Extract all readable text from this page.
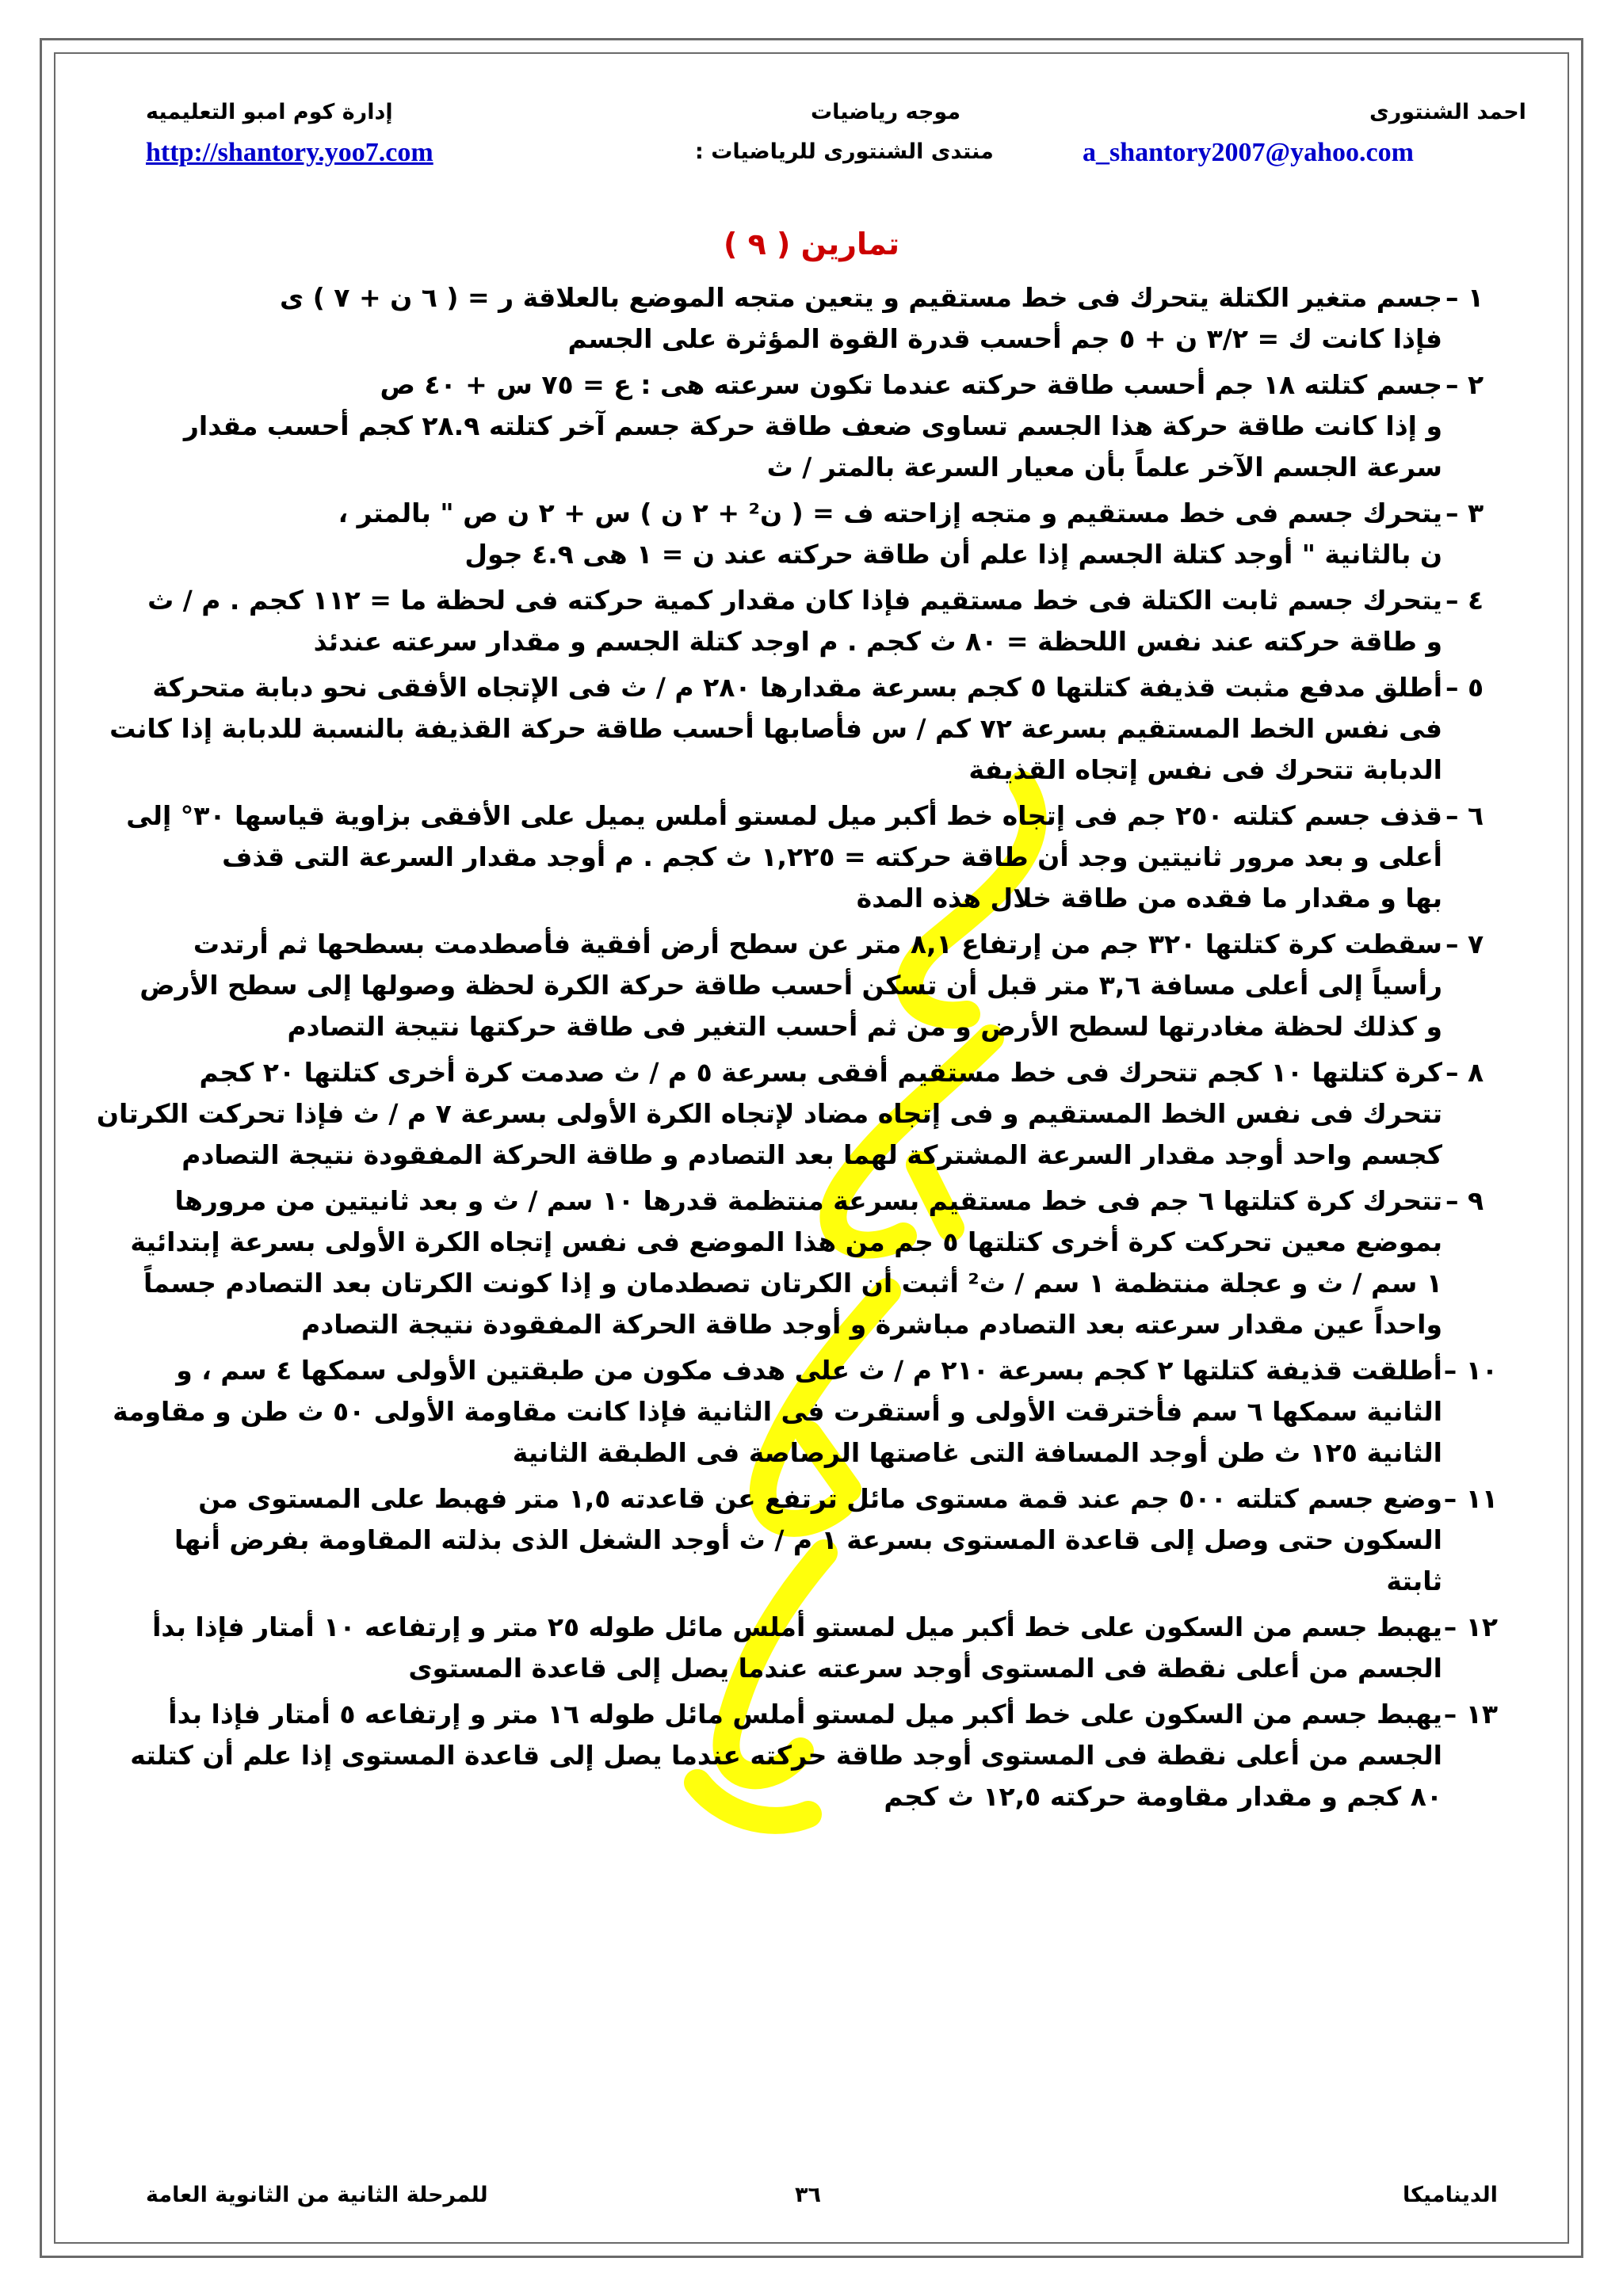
احمد الشنتورى
موجه رياضيات
إدارة كوم امبو التعليميه
a_shantory2007@yahoo.com
منتدى الشنتورى للرياضيات :
http://shantory.yoo7.com
تمارين ( ٩ )
١ –
جسم متغير الكتلة يتحرك فى خط مستقيم و يتعين متجه الموضع بالعلاقة ر = ( ٦ ن + ٧ ) ى
فإذا كانت ك = ٣/٢ ن + ٥ جم أحسب قدرة القوة المؤثرة على الجسم
٢ –
جسم كتلته ١٨ جم أحسب طاقة حركته عندما تكون سرعته هى : ع = ٧٥ س + ٤٠ ص
و إذا كانت طاقة حركة هذا الجسم تساوى ضعف طاقة حركة جسم آخر كتلته ٢٨.٩ كجم أحسب مقدار
سرعة الجسم الآخر علماً بأن معيار السرعة بالمتر / ث
٣ –
يتحرك جسم فى خط مستقيم و متجه إزاحته ف = ( ن² + ٢ ن ) س + ٢ ن ص " بالمتر ،
ن بالثانية " أوجد كتلة الجسم إذا علم أن طاقة حركته عند ن = ١ هى ٤.٩ جول
٤ –
يتحرك جسم ثابت الكتلة فى خط مستقيم فإذا كان مقدار كمية حركته فى لحظة ما = ١١٢ كجم . م / ث
و طاقة حركته عند نفس اللحظة = ٨٠ ث كجم . م اوجد كتلة الجسم و مقدار سرعته عندئذ
٥ –
أطلق مدفع مثبت قذيفة كتلتها ٥ كجم بسرعة مقدارها ٢٨٠ م / ث فى الإتجاه الأفقى نحو دبابة متحركة
فى نفس الخط المستقيم بسرعة ٧٢ كم / س فأصابها أحسب طاقة حركة القذيفة بالنسبة للدبابة إذا كانت
الدبابة تتحرك فى نفس إتجاه القذيفة
٦ –
قذف جسم كتلته ٢٥٠ جم فى إتجاه خط أكبر ميل لمستو أملس يميل على الأفقى بزاوية قياسها ٣٠° إلى
أعلى و بعد مرور ثانيتين وجد أن طاقة حركته = ١,٢٢٥ ث كجم . م أوجد مقدار السرعة التى قذف
بها و مقدار ما فقده من طاقة خلال هذه المدة
٧ –
سقطت كرة كتلتها ٣٢٠ جم من إرتفاع ٨,١ متر عن سطح أرض أفقية فأصطدمت بسطحها ثم أرتدت
رأسياً إلى أعلى مسافة ٣,٦ متر قبل أن تسكن أحسب طاقة حركة الكرة لحظة وصولها إلى سطح الأرض
و كذلك لحظة مغادرتها لسطح الأرض و من ثم أحسب التغير فى طاقة حركتها نتيجة التصادم
٨ –
كرة كتلتها ١٠ كجم تتحرك فى خط مستقيم أفقى بسرعة ٥ م / ث صدمت كرة أخرى كتلتها ٢٠ كجم
تتحرك فى نفس الخط المستقيم و فى إتجاه مضاد لإتجاه الكرة الأولى بسرعة ٧ م / ث فإذا تحركت الكرتان
كجسم واحد أوجد مقدار السرعة المشتركة لهما بعد التصادم و طاقة الحركة المفقودة نتيجة التصادم
٩ –
تتحرك كرة كتلتها ٦ جم فى خط مستقيم بسرعة منتظمة قدرها ١٠ سم / ث و بعد ثانيتين من مرورها
بموضع معين تحركت كرة أخرى كتلتها ٥ جم من هذا الموضع فى نفس إتجاه الكرة الأولى بسرعة إبتدائية
١ سم / ث و عجلة منتظمة ١ سم / ث² أثبت أن الكرتان تصطدمان و إذا كونت الكرتان بعد التصادم جسماً
واحداً عين مقدار سرعته بعد التصادم مباشرة و أوجد طاقة الحركة المفقودة نتيجة التصادم
١٠ –
أطلقت قذيفة كتلتها ٢ كجم بسرعة ٢١٠ م / ث على هدف مكون من طبقتين الأولى سمكها ٤ سم ، و
الثانية سمكها ٦ سم فأخترقت الأولى و أستقرت فى الثانية فإذا كانت مقاومة الأولى ٥٠ ث طن و مقاومة
الثانية ١٢٥ ث طن أوجد المسافة التى غاصتها الرصاصة فى الطبقة الثانية
١١ –
وضع جسم كتلته ٥٠٠ جم عند قمة مستوى مائل ترتفع عن قاعدته ١,٥ متر فهبط على المستوى من
السكون حتى وصل إلى قاعدة المستوى بسرعة ١ م / ث أوجد الشغل الذى بذلته المقاومة بفرض أنها
ثابتة
١٢ –
يهبط جسم من السكون على خط أكبر ميل لمستو أملس مائل طوله ٢٥ متر و إرتفاعه ١٠ أمتار فإذا بدأ
الجسم من أعلى نقطة فى المستوى أوجد سرعته عندما يصل إلى قاعدة المستوى
١٣ –
يهبط جسم من السكون على خط أكبر ميل لمستو أملس مائل طوله ١٦ متر و إرتفاعه ٥ أمتار فإذا بدأ
الجسم من أعلى نقطة فى المستوى أوجد طاقة حركته عندما يصل إلى قاعدة المستوى إذا علم أن كتلته
٨٠ كجم و مقدار مقاومة حركته ١٢,٥ ث كجم
الديناميكا
٣٦
للمرحلة الثانية من الثانوية العامة
